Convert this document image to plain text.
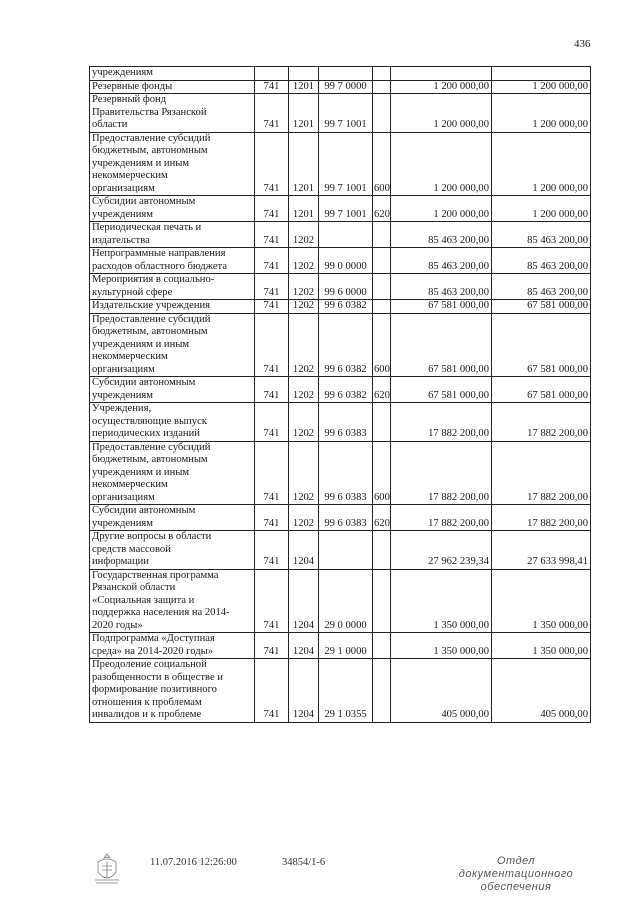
436
учреждениям						
Резервные фонды	741	1201	99 7 0000		1 200 000,00	1 200 000,00
Резервный фонд
Правительства Рязанской
области	741	1201	99 7 1001		1 200 000,00	1 200 000,00
Предоставление субсидий
бюджетным, автономным
учреждениям и иным
некоммерческим
организациям	741	1201	99 7 1001	600	1 200 000,00	1 200 000,00
Субсидии автономным
учреждениям	741	1201	99 7 1001	620	1 200 000,00	1 200 000,00
Периодическая печать и
издательства	741	1202			85 463 200,00	85 463 200,00
Непрограммные направления
расходов областного бюджета	741	1202	99 0 0000		85 463 200,00	85 463 200,00
Мероприятия в социально-
культурной сфере	741	1202	99 6 0000		85 463 200,00	85 463 200,00
Издательские учреждения	741	1202	99 6 0382		67 581 000,00	67 581 000,00
Предоставление субсидий
бюджетным, автономным
учреждениям и иным
некоммерческим
организациям	741	1202	99 6 0382	600	67 581 000,00	67 581 000,00
Субсидии автономным
учреждениям	741	1202	99 6 0382	620	67 581 000,00	67 581 000,00
Учреждения,
осуществляющие выпуск
периодических изданий	741	1202	99 6 0383		17 882 200,00	17 882 200,00
Предоставление субсидий
бюджетным, автономным
учреждениям и иным
некоммерческим
организациям	741	1202	99 6 0383	600	17 882 200,00	17 882 200,00
Субсидии автономным
учреждениям	741	1202	99 6 0383	620	17 882 200,00	17 882 200,00
Другие вопросы в области
средств массовой
информации	741	1204			27 962 239,34	27 633 998,41
Государственная программа
Рязанской области
«Социальная защита и
поддержка населения на 2014-
2020 годы»	741	1204	29 0 0000		1 350 000,00	1 350 000,00
Подпрограмма «Доступная
среда» на 2014-2020 годы»	741	1204	29 1 0000		1 350 000,00	1 350 000,00
Преодоление социальной
разобщенности в обществе и
формирование позитивного
отношения к проблемам
инвалидов и к проблеме	741	1204	29 1 0355		405 000,00	405 000,00
11.07.2016 12:26:00	34854/1-6	Отдел документационного обеспечения
